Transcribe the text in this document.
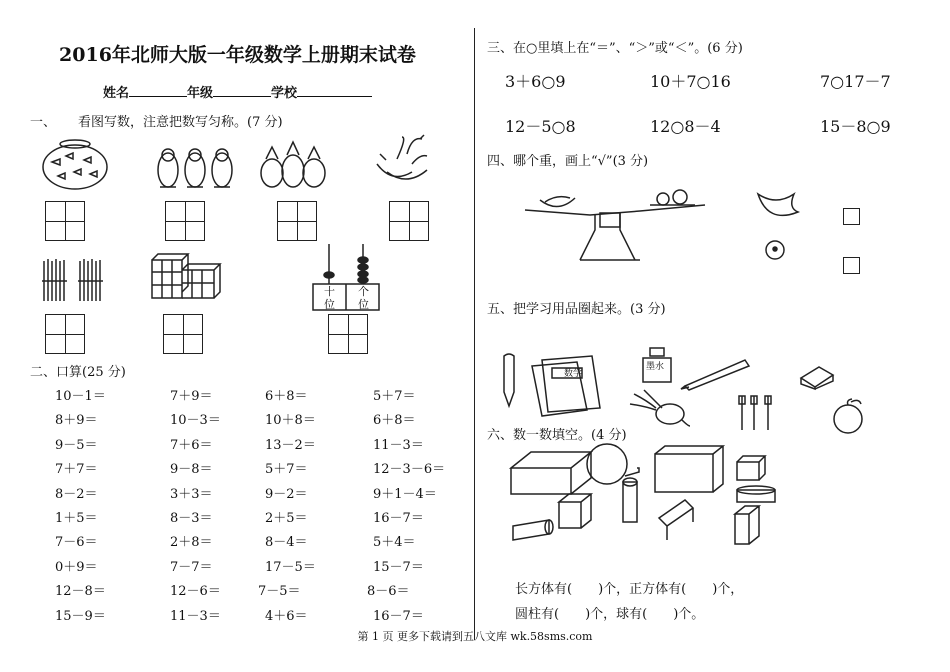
2016年北师大版一年级数学上册期末试卷
姓名	年级	学校
一、 看图写数，注意把数写匀称。(7 分)
十
位
个
位
二、口算(25 分)
10－1＝	7＋9＝	6＋8＝	5＋7＝
8＋9＝	10－3＝	10＋8＝	6＋8＝
9－5＝	7＋6＝	13－2＝	11－3＝
7＋7＝	9－8＝	5＋7＝	12－3－6＝
8－2＝	3＋3＝	9－2＝	9＋1－4＝
1＋5＝	8－3＝	2＋5＝	16－7＝
7－6＝	2＋8＝	8－4＝	5＋4＝
0＋9＝	7－7＝	17－5＝	15－7＝
12－8＝	12－6＝	7－5＝	8－6＝
15－9＝	11－3＝	4＋6＝	16－7＝
三、在○里填上在“＝”、“＞”或“＜”。(6 分)
3＋6○9	10＋7○16	7○17－7
12－5○8	12○8－4	15－8○9
四、哪个重，画上“√”(3 分)
五、把学习用品圈起来。(3 分)
数学
墨水
六、数一数填空。(4 分)
长方体有(　　)个，正方体有(　　)个，
圆柱有(　　)个，球有(　　)个。
第 1 页 更多下载请到五八文库 wk.58sms.com
